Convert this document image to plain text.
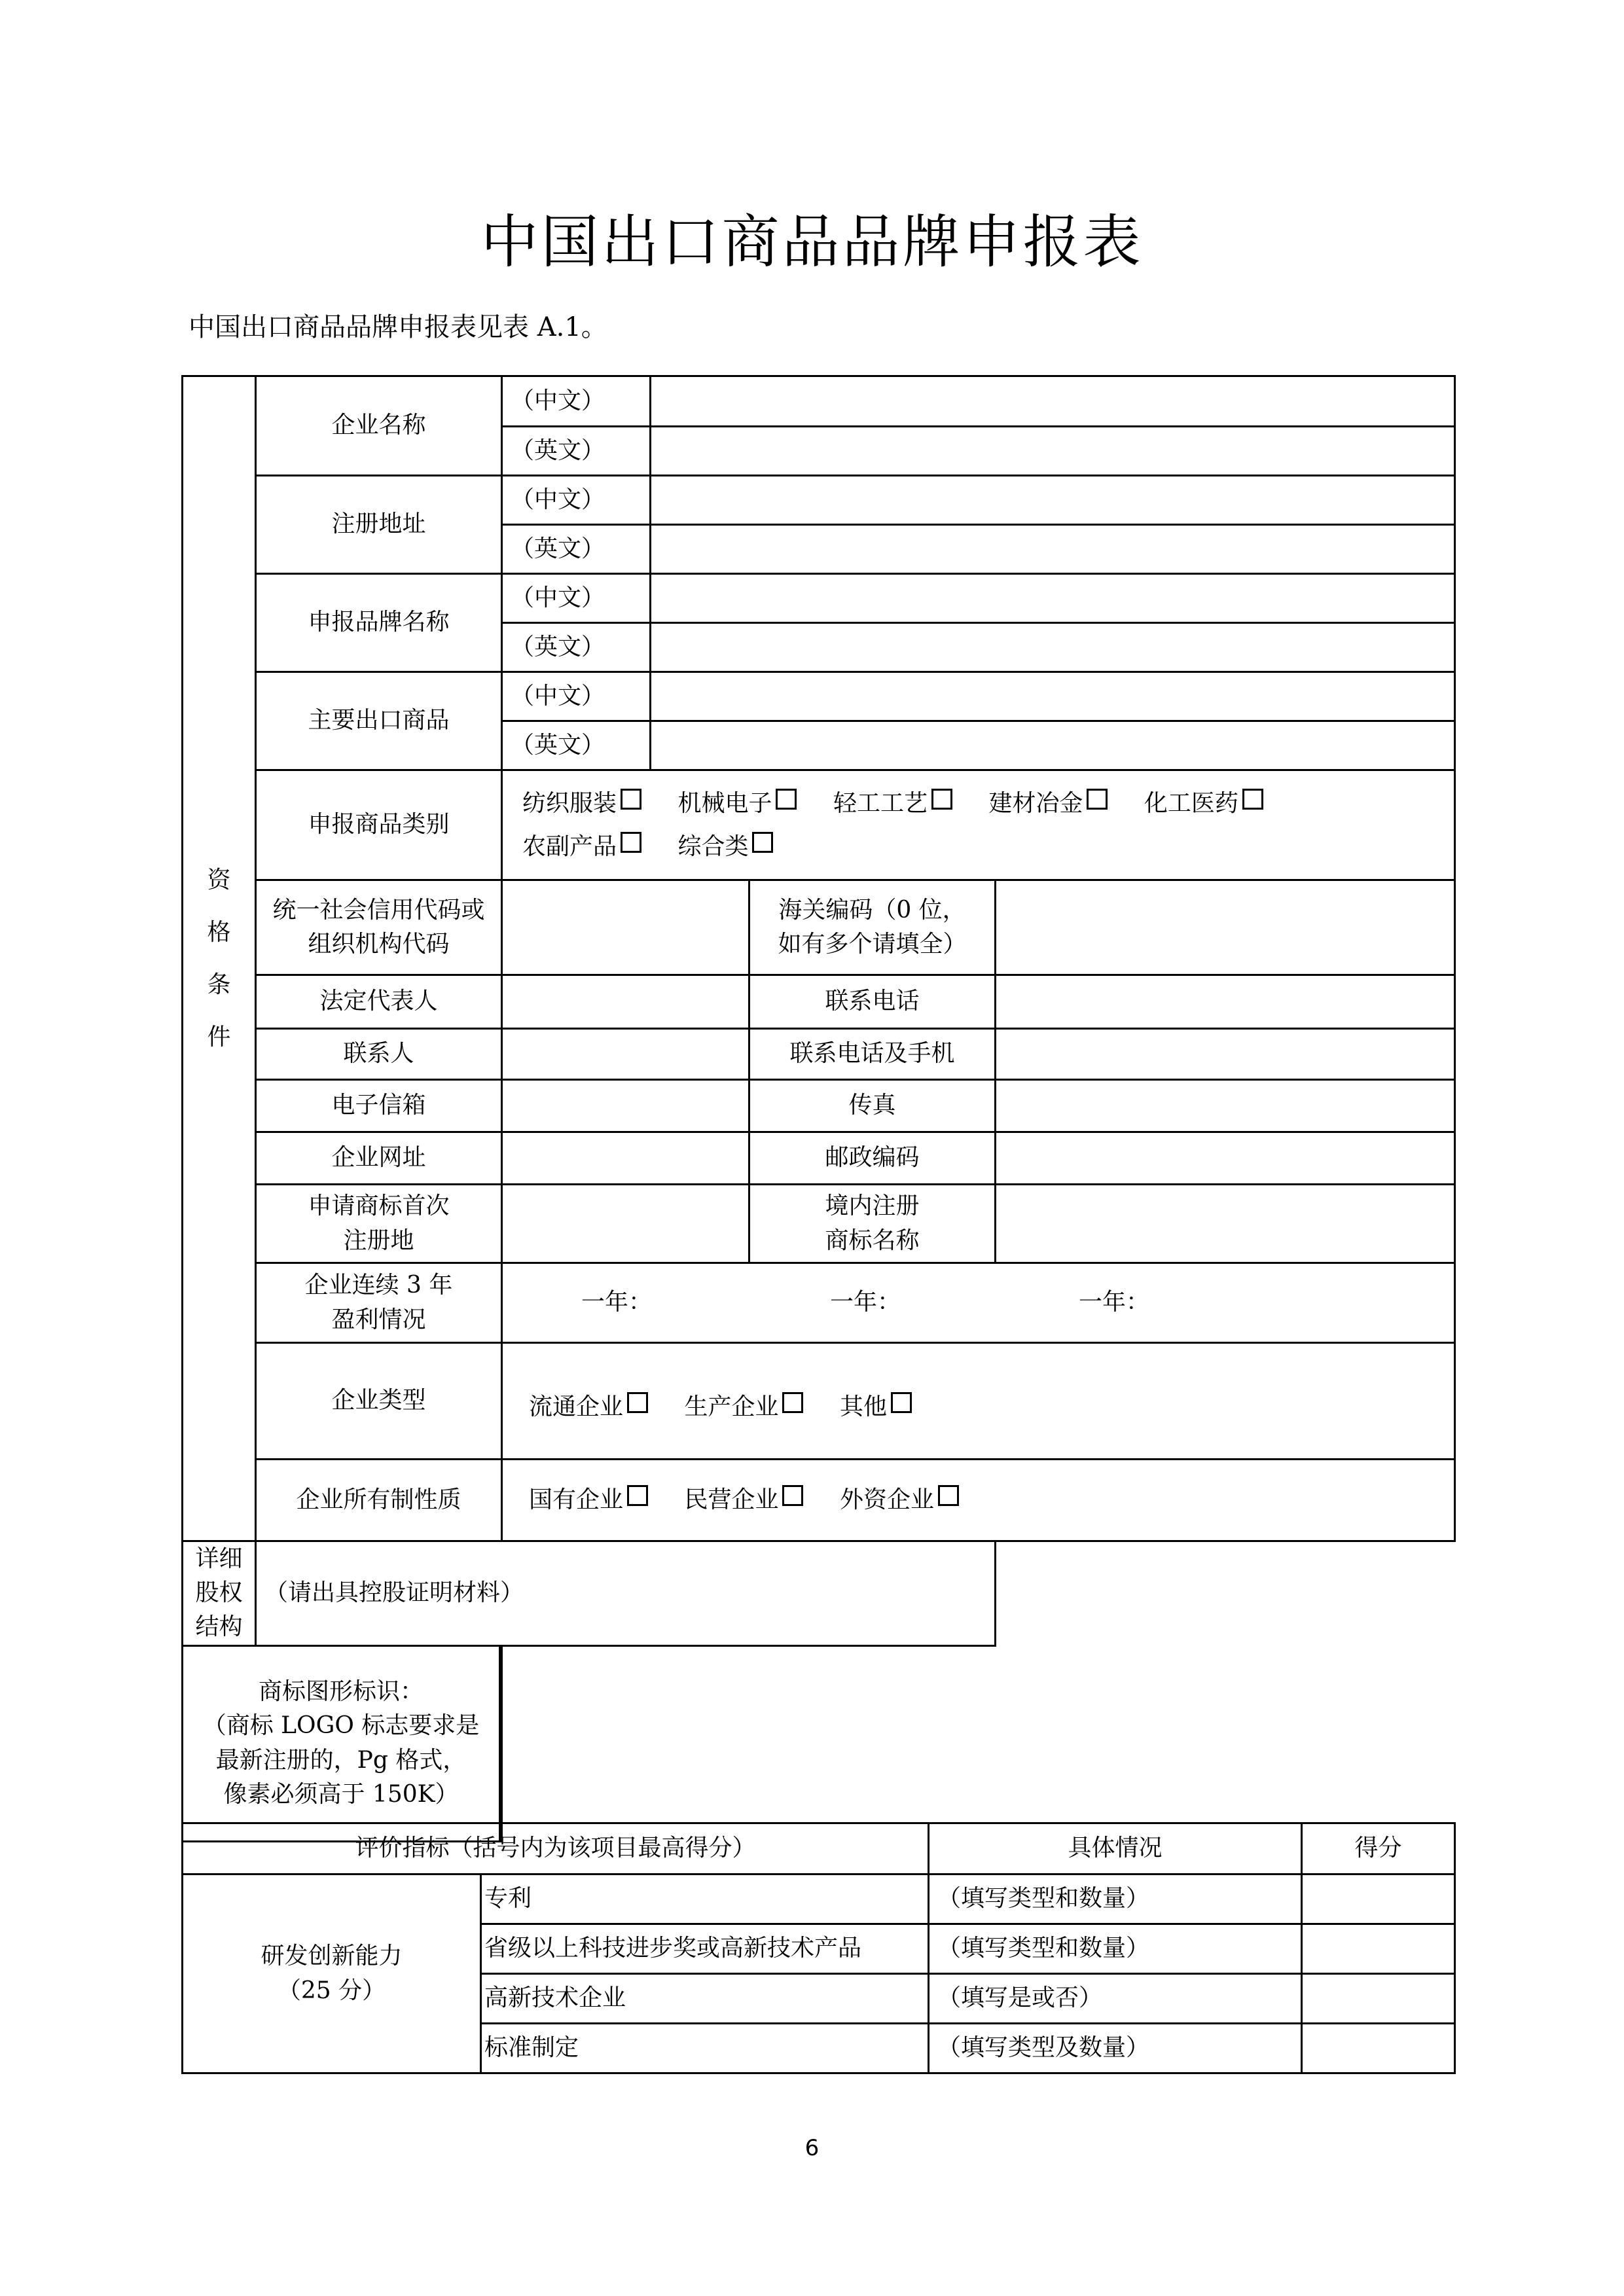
中国出口商品品牌申报表
中国出口商品品牌申报表见表 A.1。
资
格
条
件	企业名称	（中文）			
		（英文）			
	注册地址	（中文）			
		（英文）			
	申报品牌名称	（中文）			
		（英文）			
	主要出口商品	（中文）			
		（英文）			
	申报商品类别	纺织服装 机械电子 轻工工艺 建材冶金 化工医药
农副产品 综合类			

	统一社会信用代码或
组织机构代码			海关编码（0 位，
如有多个请填全）	
	法定代表人			联系电话	
	联系人			联系电话及手机	
	电子信箱			传真	
	企业网址			邮政编码	
	申请商标首次
注册地			境内注册
商标名称	
	企业连续 3 年
盈利情况	一年： 一年： 一年：			
	企业类型	流通企业 生产企业 其他			
	企业所有制性质	国有企业 民营企业 外资企业			
详细股权结构	（请出具控股证明材料）				

商标图形标识：
（商标 LOGO 标志要求是
最新注册的，Pg 格式，
像素必须高于 150K）					
评价指标（括号内为该项目最高得分）		具体情况	得分
研发创新能力
（25 分）	专利	（填写类型和数量）	
	省级以上科技进步奖或高新技术产品	（填写类型和数量）	
	高新技术企业	（填写是或否）	
	标准制定	（填写类型及数量）	
6
